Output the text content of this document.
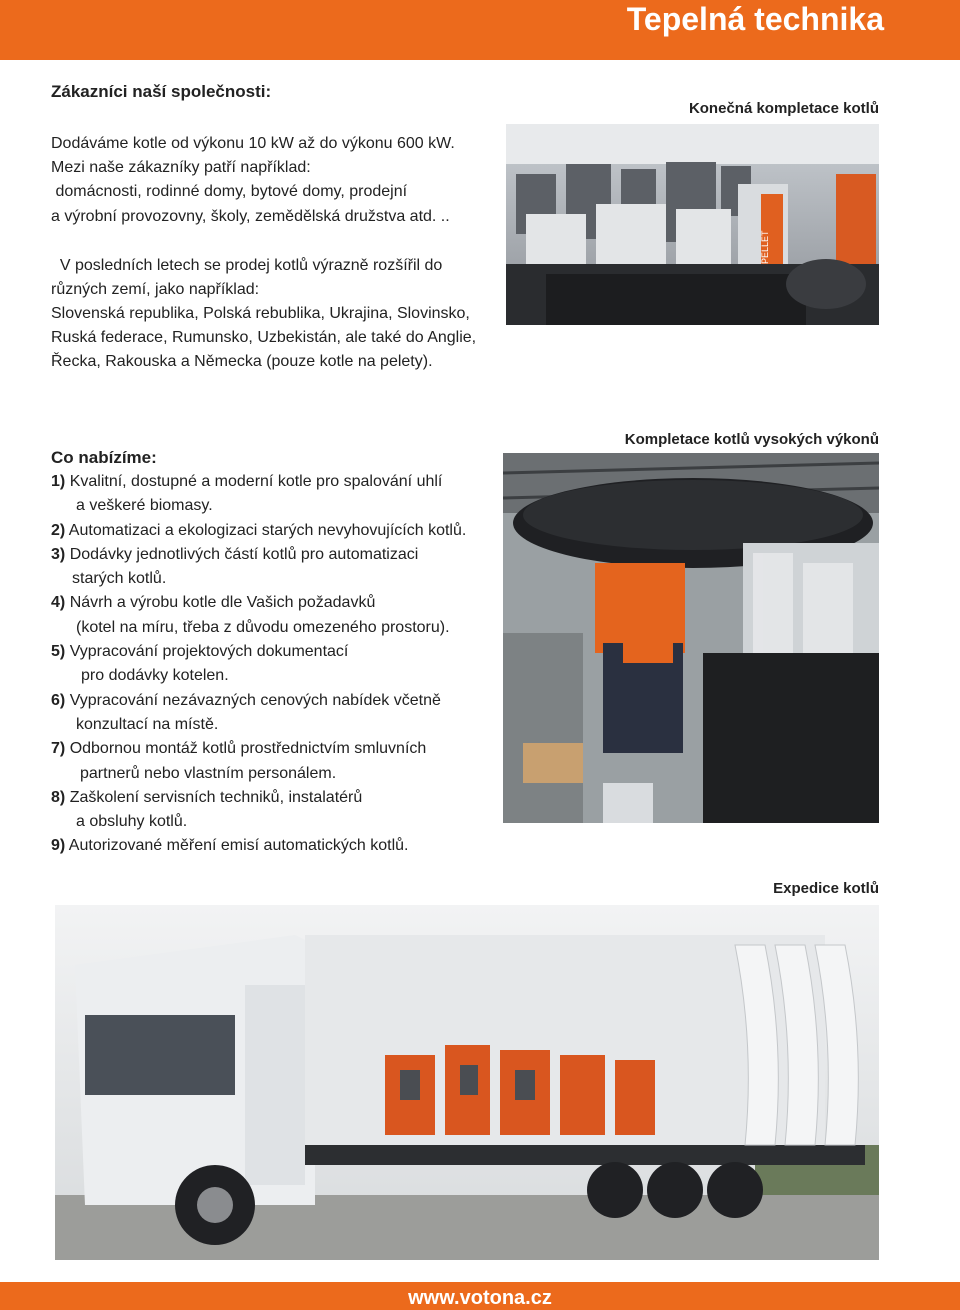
Tepelná technika
Zákazníci naší společnosti:
Dodáváme kotle od výkonu 10 kW až do výkonu 600 kW.
Mezi naše zákazníky patří například:
domácnosti, rodinné domy, bytové domy, prodejní
a výrobní provozovny, školy, zemědělská družstva atd. ..
V posledních letech se prodej kotlů výrazně rozšířil do
různých zemí, jako například:
Slovenská republika, Polská rebublika, Ukrajina, Slovinsko,
Ruská federace, Rumunsko, Uzbekistán, ale také do Anglie,
Řecka, Rakouska a Německa (pouze kotle na pelety).
Konečná kompletace kotlů
PELLET
Co nabízíme:
1) Kvalitní, dostupné a moderní kotle pro spalování uhlí
a veškeré biomasy.
2) Automatizaci a ekologizaci starých nevyhovujících kotlů.
3) Dodávky jednotlivých částí kotlů pro automatizaci
starých kotlů.
4) Návrh a výrobu kotle dle Vašich požadavků
(kotel na míru, třeba z důvodu omezeného prostoru).
5) Vypracování projektových dokumentací
pro dodávky kotelen.
6) Vypracování nezávazných cenových nabídek včetně
konzultací na místě.
7) Odbornou montáž kotlů prostřednictvím smluvních
partnerů nebo vlastním personálem.
8) Zaškolení servisních techniků, instalatérů
a obsluhy kotlů.
9) Autorizované měření emisí automatických kotlů.
Kompletace kotlů vysokých výkonů
Expedice kotlů
www.votona.cz
